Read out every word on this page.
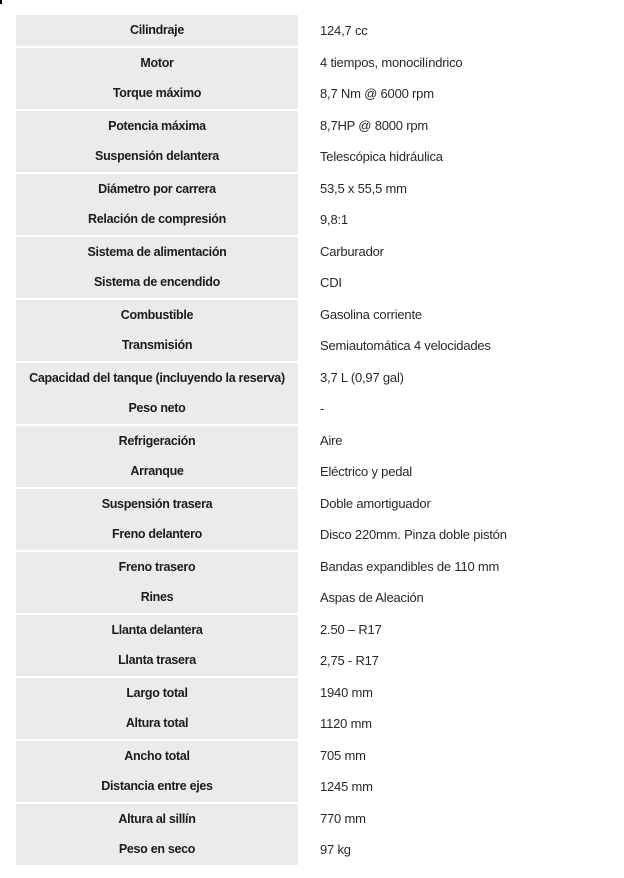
Cilindraje	124,7 cc
Motor
Torque máximo
4 tiempos, monocilíndrico
8,7 Nm @ 6000 rpm
Potencia máxima
Suspensión delantera
8,7HP @ 8000 rpm
Telescópica hidráulica
Diámetro por carrera
Relación de compresión
53,5 x 55,5 mm
9,8:1
Sistema de alimentación
Sistema de encendido
Carburador
CDI
Combustible
Transmisión
Gasolina corriente
Semiautomática 4 velocidades
Capacidad del tanque (incluyendo la reserva)
Peso neto
3,7 L (0,97 gal)
-
Refrigeración
Arranque
Aire
Eléctrico y pedal
Suspensión trasera
Freno delantero
Doble amortiguador
Disco 220mm. Pinza doble pistón
Freno trasero
Rines
Bandas expandibles de 110 mm
Aspas de Aleación
Llanta delantera
Llanta trasera
2.50 – R17
2,75 - R17
Largo total
Altura total
1940 mm
1120 mm
Ancho total
Distancia entre ejes
705 mm
1245 mm
Altura al sillín
Peso en seco
770 mm
97 kg
